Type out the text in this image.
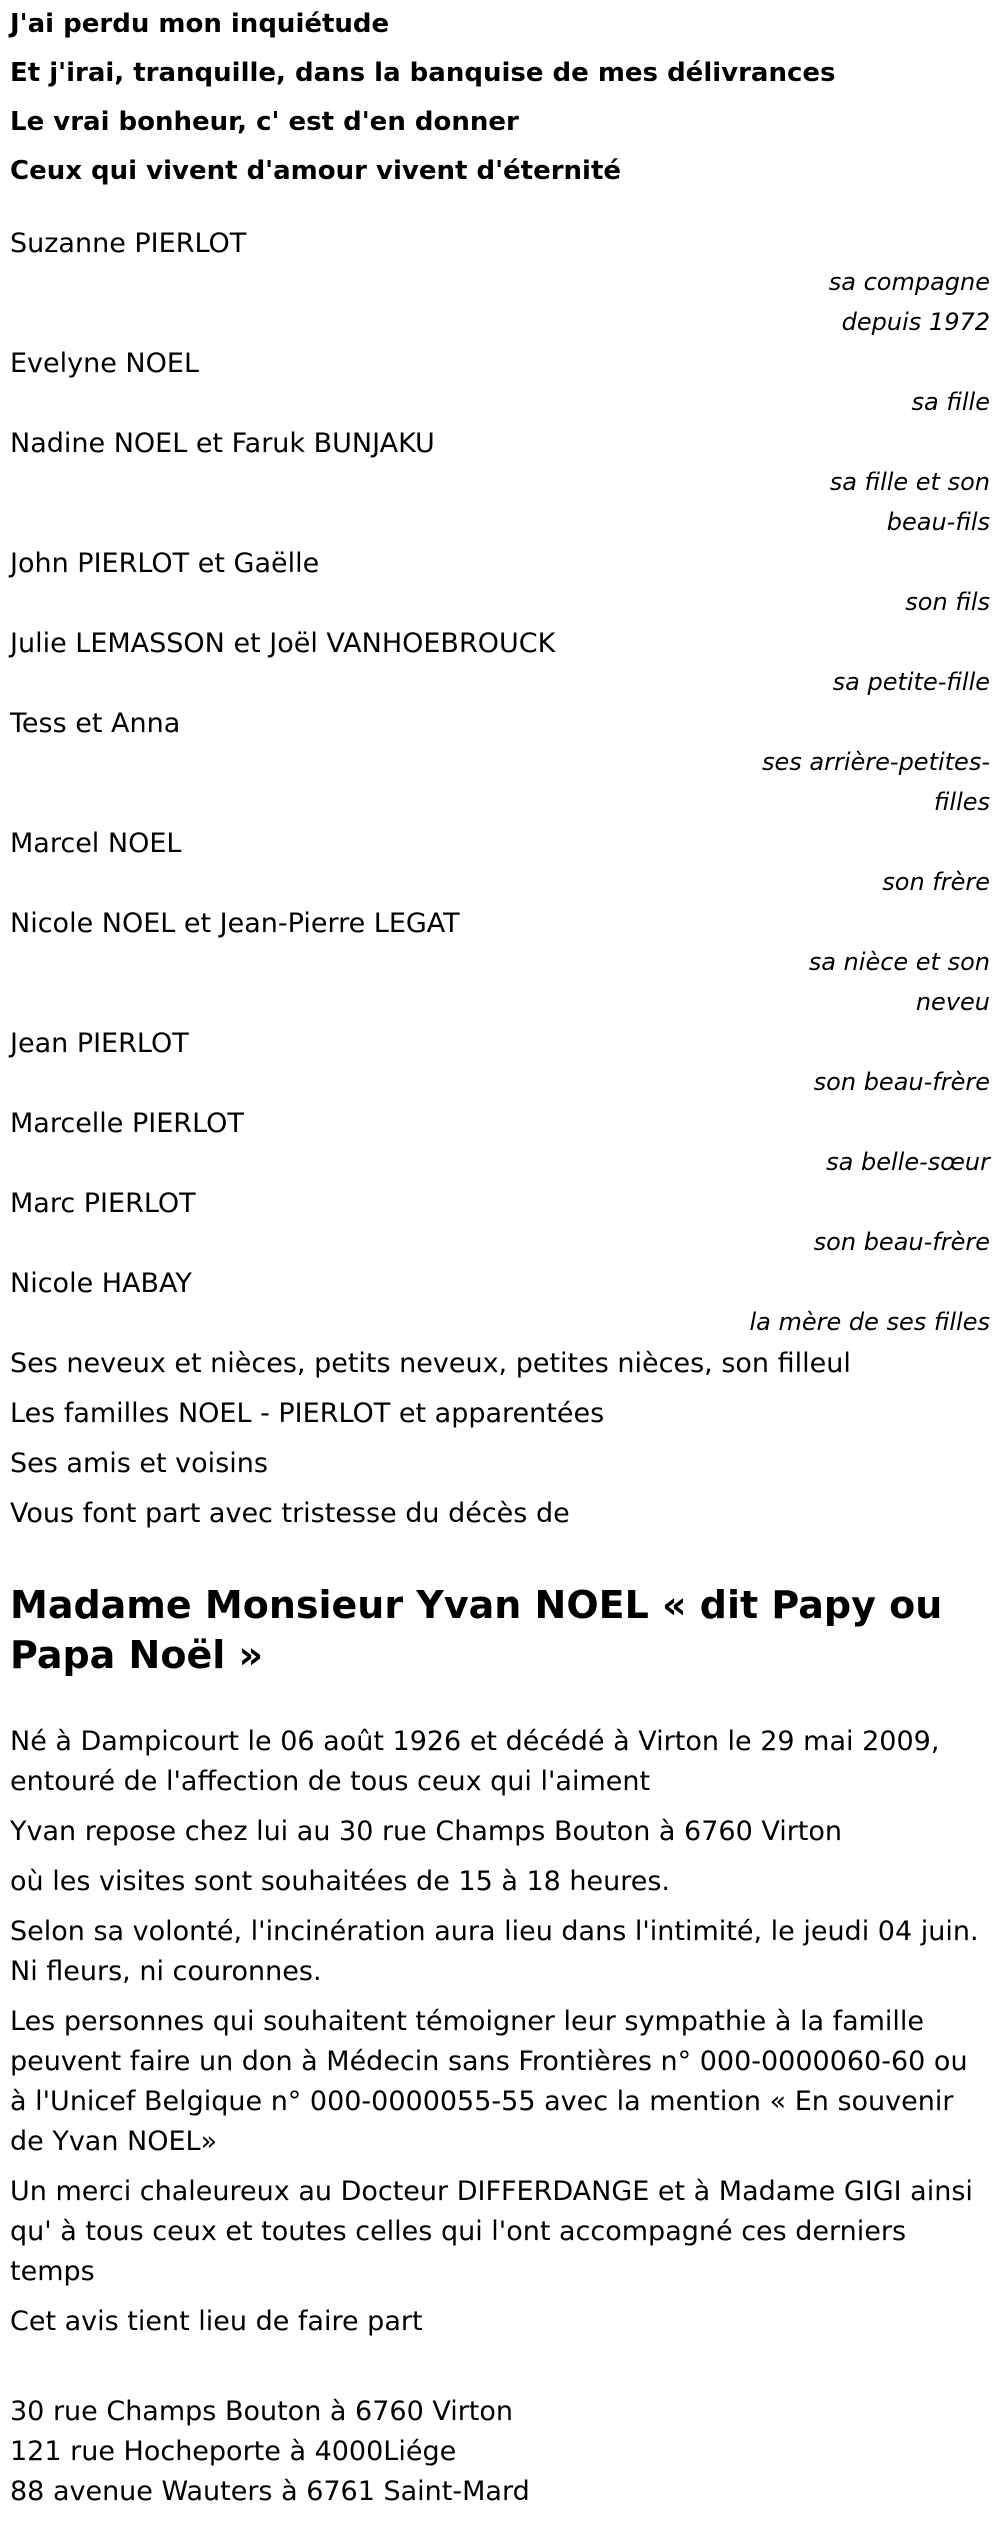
J'ai perdu mon inquiétude
Et j'irai, tranquille, dans la banquise de mes délivrances
Le vrai bonheur, c' est d'en donner
Ceux qui vivent d'amour vivent d'éternité
Suzanne PIERLOT
sa compagne depuis 1972
Evelyne NOEL
sa fille
Nadine NOEL et Faruk BUNJAKU
sa fille et son beau-fils
John PIERLOT et Gaëlle
son fils
Julie LEMASSON et Joël VANHOEBROUCK
sa petite-fille
Tess et Anna
ses arrière-petites-filles
Marcel NOEL
son frère
Nicole NOEL et Jean-Pierre LEGAT
sa nièce et son neveu
Jean PIERLOT
son beau-frère
Marcelle PIERLOT
sa belle-sœur
Marc PIERLOT
son beau-frère
Nicole HABAY
la mère de ses filles
Ses neveux et nièces, petits neveux, petites nièces, son filleul
Les familles NOEL - PIERLOT et apparentées
Ses amis et voisins
Vous font part avec tristesse du décès de
Madame Monsieur Yvan NOEL « dit Papy ou Papa Noël »
Né à Dampicourt le 06 août 1926 et décédé à Virton le 29 mai 2009, entouré de l'affection de tous ceux qui l'aiment
Yvan repose chez lui au 30 rue Champs Bouton à 6760 Virton
où les visites sont souhaitées de 15 à 18 heures.
Selon sa volonté, l'incinération aura lieu dans l'intimité, le jeudi 04 juin. Ni fleurs, ni couronnes.
Les personnes qui souhaitent témoigner leur sympathie à la famille peuvent faire un don à Médecin sans Frontières n° 000-0000060-60 ou à l'Unicef Belgique n° 000-0000055-55 avec la mention « En souvenir de Yvan NOEL»
Un merci chaleureux au Docteur DIFFERDANGE et à Madame GIGI ainsi qu' à tous ceux et toutes celles qui l'ont accompagné ces derniers temps
Cet avis tient lieu de faire part
30 rue Champs Bouton à 6760 Virton
121 rue Hocheporte à 4000Liége
88 avenue Wauters à 6761 Saint-Mard
